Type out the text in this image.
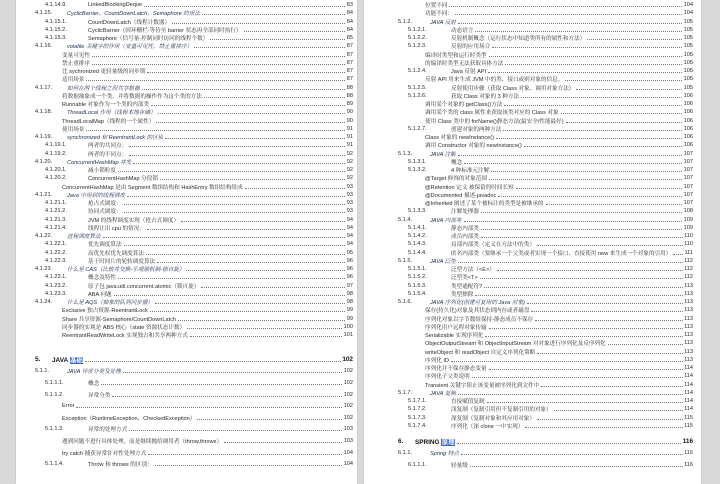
4.1.14.9.	LinkedBlockingDeque	83
4.1.15.	CyclicBarrier、CountDownLatch、Semaphore 的用法	84
4.1.15.1.	CountDownLatch（线程计数器）	84
4.1.15.2.	CyclicBarrier（回环栅栏-等待至 barrier 状态再全部同时执行）	84
4.1.15.3.	Semaphore（信号量-控制同时访问的线程个数）	85
4.1.16.	volatile 关键字的作用（变量可见性、禁止重排序）	87
变量可见性	87
禁止重排序	87
比 sychronized 更轻量级的同步锁	87
适用场景	87
4.1.17.	如何在两个线程之间共享数据	88
将数据抽象成一个类，并将数据的操作作为这个类的方法	88
Runnable 对象作为一个类的内部类	89
4.1.18.	ThreadLocal 作用（线程本地存储）	90
ThreadLocalMap（线程的一个属性）	90
使用场景	91
4.1.19.	synchronized 和 ReentrantLock 的区别	91
4.1.19.1.	两者的共同点：	91
4.1.19.2.	两者的不同点：	92
4.1.20.	ConcurrentHashMap 并发	92
4.1.20.1.	减小锁粒度	92
4.1.20.2.	ConcurrentHashMap 分段锁	92
ConcurrentHashMap 是由 Segment 数组结构和 HashEntry 数组结构组成	93
4.1.21.	Java 中用到的线程调度	93
4.1.21.1.	抢占式调度：	93
4.1.21.2.	协同式调度：	93
4.1.21.3.	JVM 的线程调度实现（抢占式调度）	94
4.1.21.4.	线程让出 cpu 的情况：	94
4.1.22.	进程调度算法	94
4.1.22.1.	优先调度算法	94
4.1.22.2.	高优先权优先调度算法	95
4.1.22.3.	基于时间片的轮转调度算法	96
4.1.23.	什么是 CAS（比较并交换-乐观锁机制-锁自旋）	96
4.1.23.1.	概念及特性	96
4.1.23.2.	原子包 java.util.concurrent.atomic（锁自旋）	97
4.1.23.3.	ABA 问题	98
4.1.24.	什么是 AQS（抽象的队列同步器）	98
Exclusive 独占资源-ReentrantLock	99
Share 共享资源-Semaphore/CountDownLatch	99
同步器的实现是 ABS 核心（state 资源状态计数）	100
ReentrantReadWriteLock 实现独占和共享两种方式	101
5.	JAVA 基础	102
5.1.1.	JAVA 异常分类及处理	102
5.1.1.1.	概念	102
5.1.1.2.	异常分类	102
Error	102
Exception（RuntimeException、CheckedException）	102
5.1.1.3.	异常的处理方式	103
遇到问题不进行具体处理，而是继续抛给调用者（throw,throws）	103
try catch 捕获异常针对性处理方式	104
5.1.1.4.	Throw 和 throws 的区别：	104
位置不同	104
功能不同：	104
5.1.2.	JAVA 反射	105
5.1.2.1.	动态语言	105
5.1.2.2.	反射机制概念（运行状态中知道类所有的属性和方法）	105
5.1.2.3.	反射的应用场合	105
编译时类型和运行时类型	105
的编译时类型无法获取具体方法	105
5.1.2.4.	Java 反射 API	105
反射 API 用来生成 JVM 中的类、接口或则对象的信息。	105
5.1.2.5.	反射使用步骤（获取 Class 对象、调用对象方法）	105
5.1.2.6.	获取 Class 对象的 3 种方法	106
调用某个对象的 getClass()方法	106
调用某个类的 class 属性来获取该类对应的 Class 对象	106
使用 Class 类中的 forName()静态方法(最安全/性能最好)	106
5.1.2.7.	创建对象的两种方法	106
Class 对象的 newInstance()	106
调用 Constructor 对象的 newInstance()	106
5.1.3.	JAVA 注解	107
5.1.3.1.	概念	107
5.1.3.2.	4 种标准元注解	107
@Target 修饰的对象范围	107
@Retention 定义 被保留的时间长短	107
@Documented 描述-javadoc	107
@Inherited 阐述了某个被标注的类型是被继承的	107
5.1.3.3.	注解处理器	108
5.1.4.	JAVA 内部类	109
5.1.4.1.	静态内部类	109
5.1.4.2.	成员内部类	110
5.1.4.3.	局部内部类（定义在方法中的类）	110
5.1.4.4.	匿名内部类（要继承一个父类或者实现一个接口、直接使用 new 来生成一个对象的引用） 111
5.1.5.	JAVA 泛型	112
5.1.5.1.	泛型方法（<E>）	112
5.1.5.2.	泛型类<T>	112
5.1.5.3.	类型通配符?	113
5.1.5.4.	类型擦除	113
5.1.6.	JAVA 序列化(创建可复用的 Java 对象)	113
保存(持久化)对象及其状态到内存或者磁盘	113
序列化对象以字节数组保持-静态成员不保存	113
序列化用户远程对象传输	113
Serializable 实现序列化	113
ObjectOutputStream 和 ObjectInputStream 对对象进行序列化及反序列化	113
writeObject 和 readObject 自定义序列化策略	113
序列化 ID	113
序列化并不保存静态变量	114
序列化子父类说明	114
Transient 关键字阻止该变量被序列化到文件中	114
5.1.7.	JAVA 复制	114
5.1.7.1.	直接赋值复制	114
5.1.7.2.	浅复制（复制引用但不复制引用的对象）	114
5.1.7.3.	深复制（复制对象和其应用对象）	115
5.1.7.4.	序列化（深 clone 一中实现）	115
6.	SPRING 原理	116
6.1.1.	Spring 特点	116
6.1.1.1.	轻量级	116
